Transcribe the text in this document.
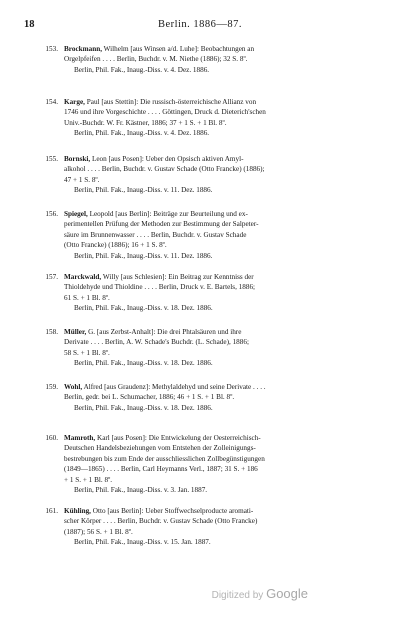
18	Berlin. 1886—87.
153. Brockmann, Wilhelm [aus Winsen a/d. Luhe]: Beobachtungen an
Orgelpfeifen . . . . Berlin, Buchdr. v. M. Niethe (1886); 32 S. 8º.
Berlin, Phil. Fak., Inaug.-Diss. v. 4. Dez. 1886.
154. Karge, Paul [aus Stettin]: Die russisch-österreichische Allianz von
1746 und ihre Vorgeschichte . . . . Göttingen, Druck d. Dieterich'schen
Univ.-Buchdr. W. Fr. Kästner, 1886; 37 + 1 S. + 1 Bl. 8º.
Berlin, Phil. Fak., Inaug.-Diss. v. 4. Dez. 1886.
155. Bornski, Leon [aus Posen]: Ueber den Opsisch aktiven Amyl-
alkohol . . . . Berlin, Buchdr. v. Gustav Schade (Otto Francke) (1886);
47 + 1 S. 8º.
Berlin, Phil. Fak., Inaug.-Diss. v. 11. Dez. 1886.
156. Spiegel, Leopold [aus Berlin]: Beiträge zur Beurteilung und ex-
perimentellen Prüfung der Methoden zur Bestimmung der Salpeter-
säure im Brunnenwasser . . . . Berlin, Buchdr. v. Gustav Schade
(Otto Francke) (1886); 16 + 1 S. 8º.
Berlin, Phil. Fak., Inaug.-Diss. v. 11. Dez. 1886.
157. Marckwald, Willy [aus Schlesien]: Ein Beitrag zur Kenntniss der
Thioldehyde und Thioldine . . . . Berlin, Druck v. E. Bartels, 1886;
61 S. + 1 Bl. 8º.
Berlin, Phil. Fak., Inaug.-Diss. v. 18. Dez. 1886.
158. Müller, G. [aus Zerbst-Anhalt]: Die drei Phtalsäuren und ihre
Derivate . . . . Berlin, A. W. Schade's Buchdr. (L. Schade), 1886;
58 S. + 1 Bl. 8º.
Berlin, Phil. Fak., Inaug.-Diss. v. 18. Dez. 1886.
159. Wohl, Alfred [aus Graudenz]: Methylaldehyd und seine Derivate . . . .
Berlin, gedr. bei L. Schumacher, 1886; 46 + 1 S. + 1 Bl. 8º.
Berlin, Phil. Fak., Inaug.-Diss. v. 18. Dez. 1886.
160. Mamroth, Karl [aus Posen]: Die Entwickelung der Oesterreichisch-
Deutschen Handelsbeziehungen vom Entstehen der Zolleinigungs-
bestrebungen bis zum Ende der ausschliesslichen Zollbegünstigungen
(1849—1865) . . . . Berlin, Carl Heymanns Verl., 1887; 31 S. + 186
+ 1 S. + 1 Bl. 8º.
Berlin, Phil. Fak., Inaug.-Diss. v. 3. Jan. 1887.
161. Kühling, Otto [aus Berlin]: Ueber Stoffwechselproducte aromati-
scher Körper . . . . Berlin, Buchdr. v. Gustav Schade (Otto Francke)
(1887); 56 S. + 1 Bl. 8º.
Berlin, Phil. Fak., Inaug.-Diss. v. 15. Jan. 1887.
Digitized by Google
